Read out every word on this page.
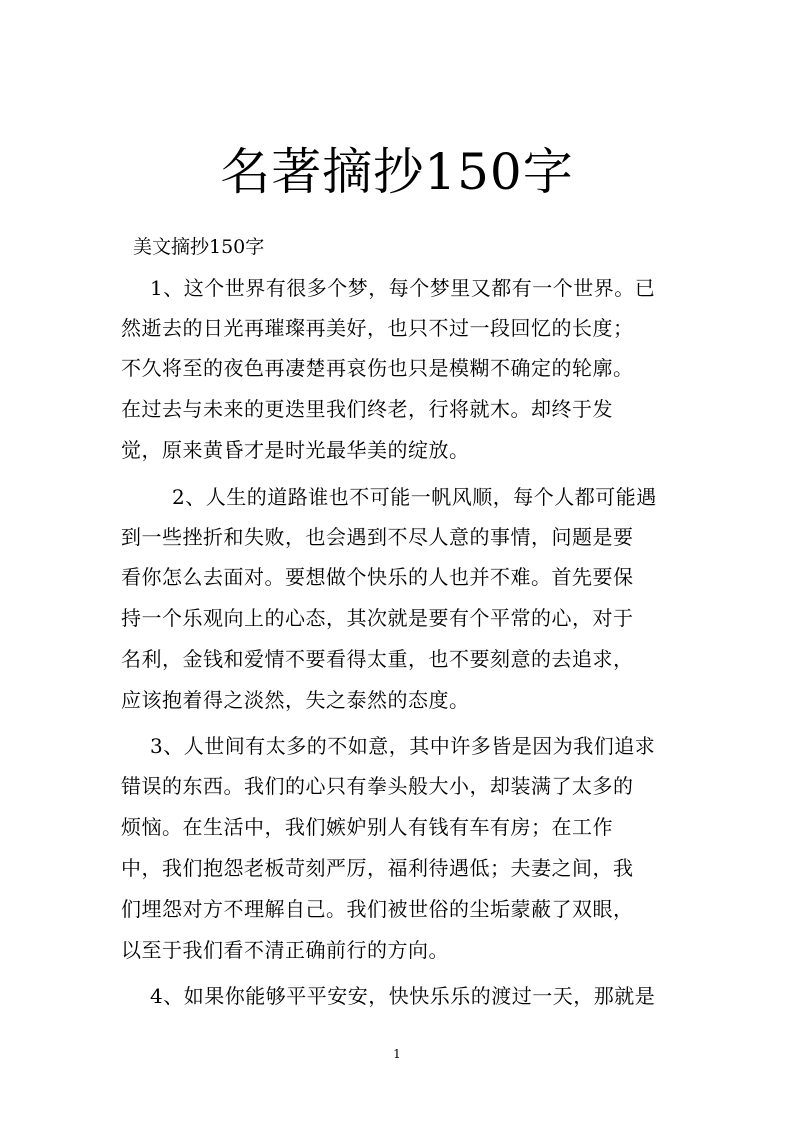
名著摘抄150字
美文摘抄150字
1、这个世界有很多个梦，每个梦里又都有一个世界。已
然逝去的日光再璀璨再美好，也只不过一段回忆的长度；
不久将至的夜色再凄楚再哀伤也只是模糊不确定的轮廓。
在过去与未来的更迭里我们终老，行将就木。却终于发
觉，原来黄昏才是时光最华美的绽放。
2、人生的道路谁也不可能一帆风顺，每个人都可能遇
到一些挫折和失败，也会遇到不尽人意的事情，问题是要
看你怎么去面对。要想做个快乐的人也并不难。首先要保
持一个乐观向上的心态，其次就是要有个平常的心，对于
名利，金钱和爱情不要看得太重，也不要刻意的去追求，
应该抱着得之淡然，失之泰然的态度。
3、人世间有太多的不如意，其中许多皆是因为我们追求
错误的东西。我们的心只有拳头般大小，却装满了太多的
烦恼。在生活中，我们嫉妒别人有钱有车有房；在工作
中，我们抱怨老板苛刻严厉，福利待遇低；夫妻之间，我
们埋怨对方不理解自己。我们被世俗的尘垢蒙蔽了双眼，
以至于我们看不清正确前行的方向。
4、如果你能够平平安安，快快乐乐的渡过一天，那就是
1
